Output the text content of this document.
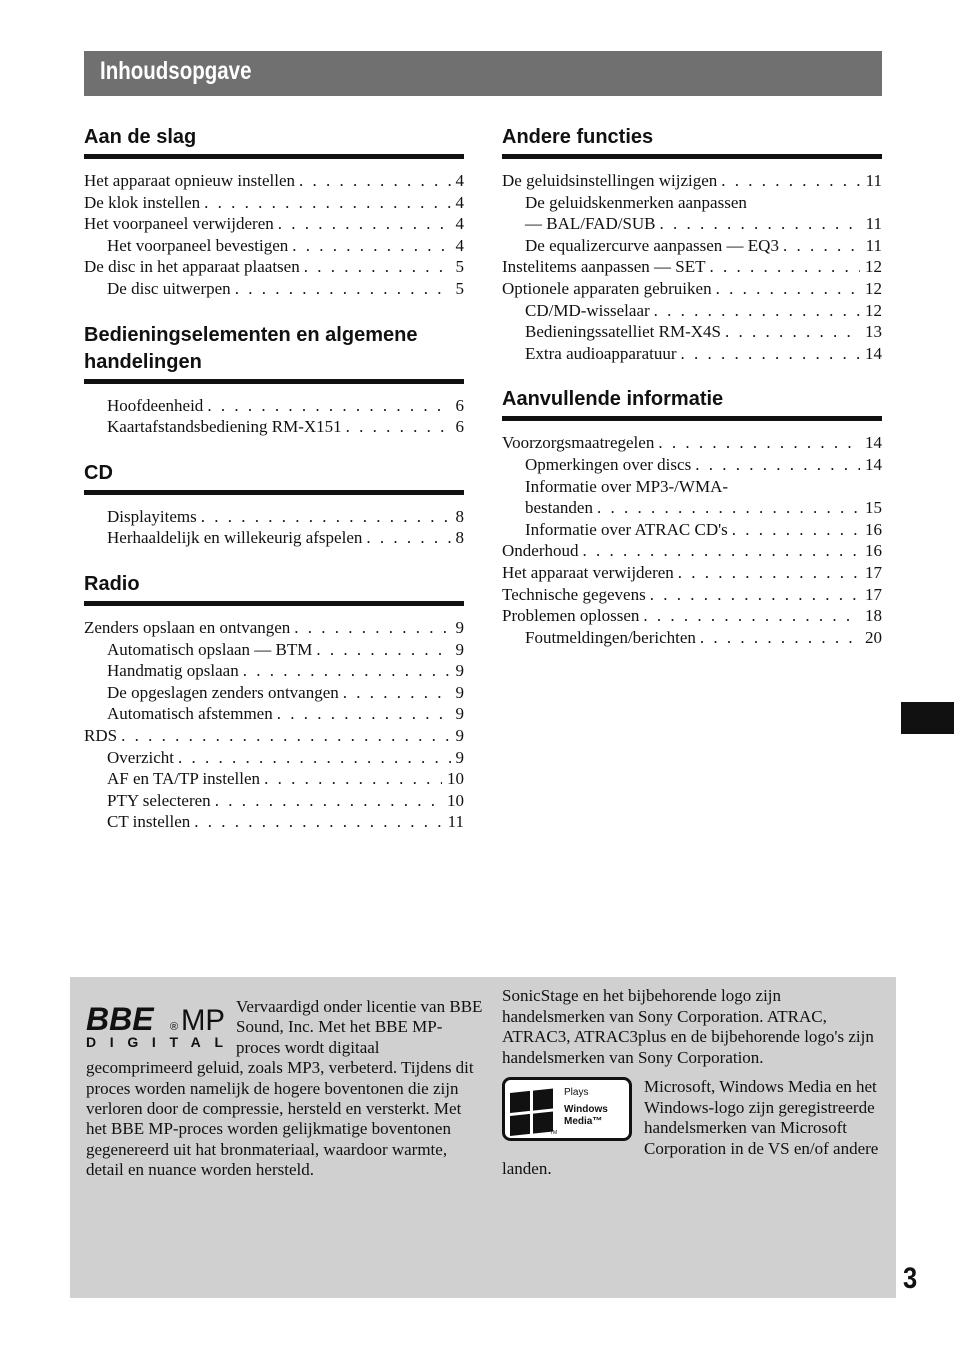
Inhoudsopgave
Aan de slag
Het apparaat opnieuw instellen . . .	4
De klok instellen . . .	4
Het voorpaneel verwijderen . . .	4
Het voorpaneel bevestigen . . .	4
De disc in het apparaat plaatsen . . .	5
De disc uitwerpen . . .	5
Bedieningselementen en algemene handelingen
Hoofdeenheid . . .	6
Kaartafstandsbediening RM-X151 . . .	6
CD
Displayitems . . .	8
Herhaaldelijk en willekeurig afspelen . . .	8
Radio
Zenders opslaan en ontvangen . . .	9
Automatisch opslaan — BTM . . .	9
Handmatig opslaan . . .	9
De opgeslagen zenders ontvangen . . .	9
Automatisch afstemmen . . .	9
RDS . . .	9
Overzicht . . .	9
AF en TA/TP instellen . . .	10
PTY selecteren . . .	10
CT instellen . . .	11
Andere functies
De geluidsinstellingen wijzigen . . .	11
De geluidskenmerken aanpassen
— BAL/FAD/SUB . . .	11
De equalizercurve aanpassen — EQ3 . . .	11
Instelitems aanpassen — SET . . .	12
Optionele apparaten gebruiken . . .	12
CD/MD-wisselaar . . .	12
Bedieningssatelliet RM-X4S . . .	13
Extra audioapparatuur . . .	14
Aanvullende informatie
Voorzorgsmaatregelen . . .	14
Opmerkingen over discs . . .	14
Informatie over MP3-/WMA-
bestanden . . .	15
Informatie over ATRAC CD's . . .	16
Onderhoud . . .	16
Het apparaat verwijderen . . .	17
Technische gegevens . . .	17
Problemen oplossen . . .	18
Foutmeldingen/berichten . . .	20
BBE ® MP
DIGITAL

Vervaardigd onder licentie van BBE Sound, Inc. Met het BBE MP-proces wordt digitaal gecomprimeerd geluid, zoals MP3, verbeterd. Tijdens dit proces worden namelijk de hogere boventonen die zijn verloren door de compressie, hersteld en versterkt. Met het BBE MP-proces worden gelijkmatige boventonen gegenereerd uit hat bronmateriaal, waardoor warmte, detail en nuance worden hersteld.

SonicStage en het bijbehorende logo zijn handelsmerken van Sony Corporation. ATRAC, ATRAC3, ATRAC3plus en de bijbehorende logo's zijn handelsmerken van Sony Corporation.

Plays
Windows
Media™
TM

Microsoft, Windows Media en het Windows-logo zijn geregistreerde handelsmerken van Microsoft Corporation in de VS en/of andere landen.

3
